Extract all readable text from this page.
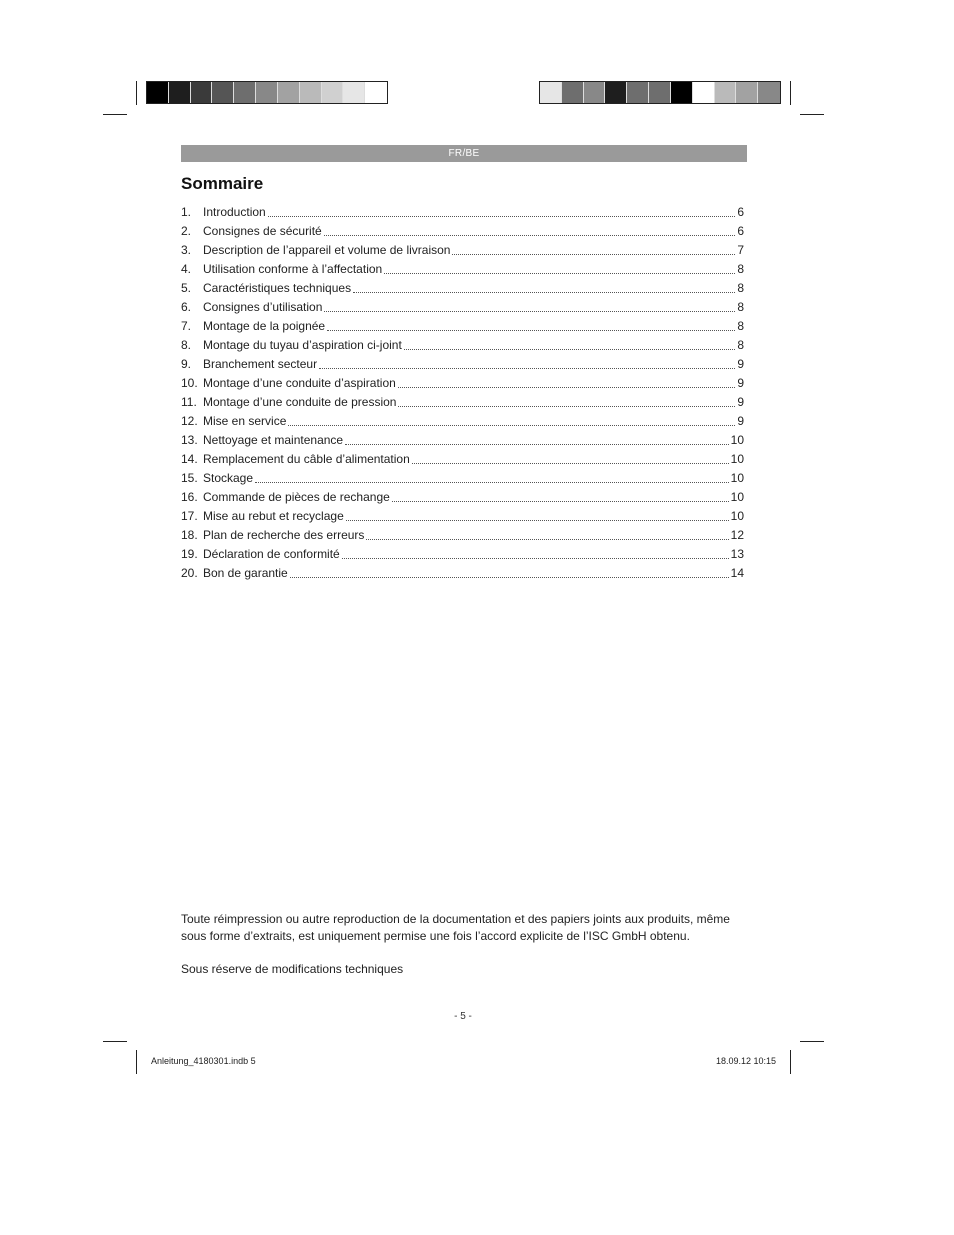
FR/BE
Sommaire
1. Introduction	6
2. Consignes de sécurité	6
3. Description de l’appareil et volume de livraison	7
4. Utilisation conforme à l’affectation	8
5. Caractéristiques techniques	8
6. Consignes d’utilisation	8
7. Montage de la poignée	8
8. Montage du tuyau d’aspiration ci-joint	8
9. Branchement secteur	9
10. Montage d’une conduite d’aspiration	9
11. Montage d’une conduite de pression	9
12. Mise en service	9
13. Nettoyage et maintenance	10
14. Remplacement du câble d’alimentation	10
15. Stockage	10
16. Commande de pièces de rechange	10
17. Mise au rebut et recyclage	10
18. Plan de recherche des erreurs	12
19. Déclaration de conformité	13
20. Bon de garantie	14
Toute réimpression ou autre reproduction de la documentation et des papiers joints aux produits, même sous forme d’extraits, est uniquement permise une fois l’accord explicite de l’ISC GmbH obtenu.
Sous réserve de modifications techniques
- 5 -
Anleitung_4180301.indb 5	18.09.12 10:15
